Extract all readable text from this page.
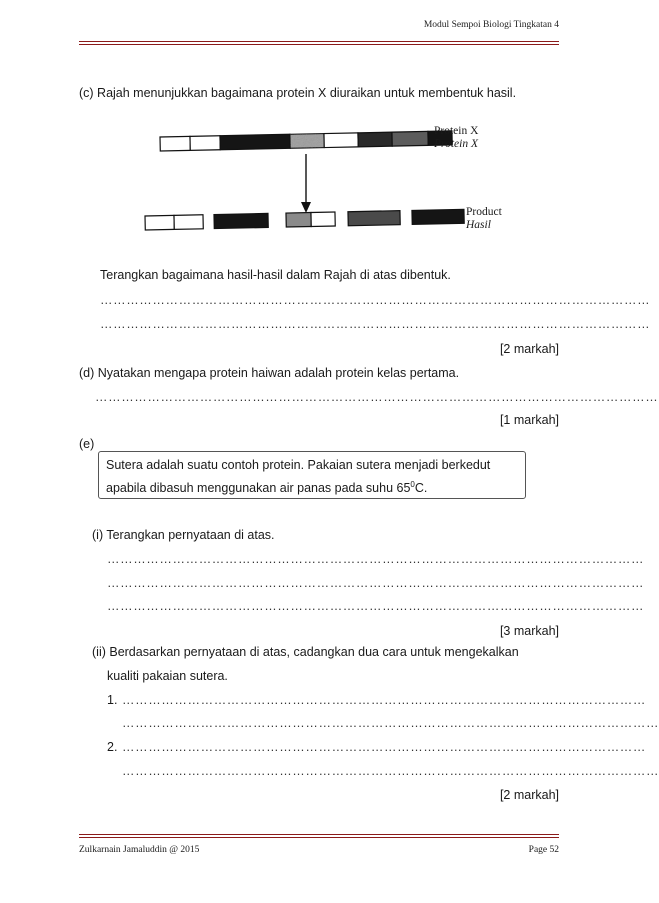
Modul Sempoi Biologi Tingkatan 4
(c) Rajah menunjukkan bagaimana protein X diuraikan untuk membentuk hasil.
Protein X
Protein X
Product
Hasil
Terangkan bagaimana hasil-hasil dalam Rajah di atas dibentuk.
………………………………………………………………………………………………………………
………………………………………………………………………………………………………………
[2 markah]
(d) Nyatakan mengapa protein haiwan adalah protein kelas pertama.
…………………………………………………………………………………………………………………
[1 markah]
(e)
Sutera adalah suatu contoh protein. Pakaian sutera menjadi berkedut
apabila dibasuh menggunakan air panas pada suhu $65^0C$.
(i) Terangkan pernyataan di atas.
……………………………………………………………………………………………………………
……………………………………………………………………………………………………………
……………………………………………………………………………………………………………
[3 markah]
(ii) Berdasarkan pernyataan di atas, cadangkan dua cara untuk mengekalkan
kualiti pakaian sutera.
1. …………………………………………………………………………………………………………
……………………………………………………………………………………………………………
2. …………………………………………………………………………………………………………
……………………………………………………………………………………………………………
[2 markah]
Zulkarnain Jamaluddin @ 2015	Page 52
